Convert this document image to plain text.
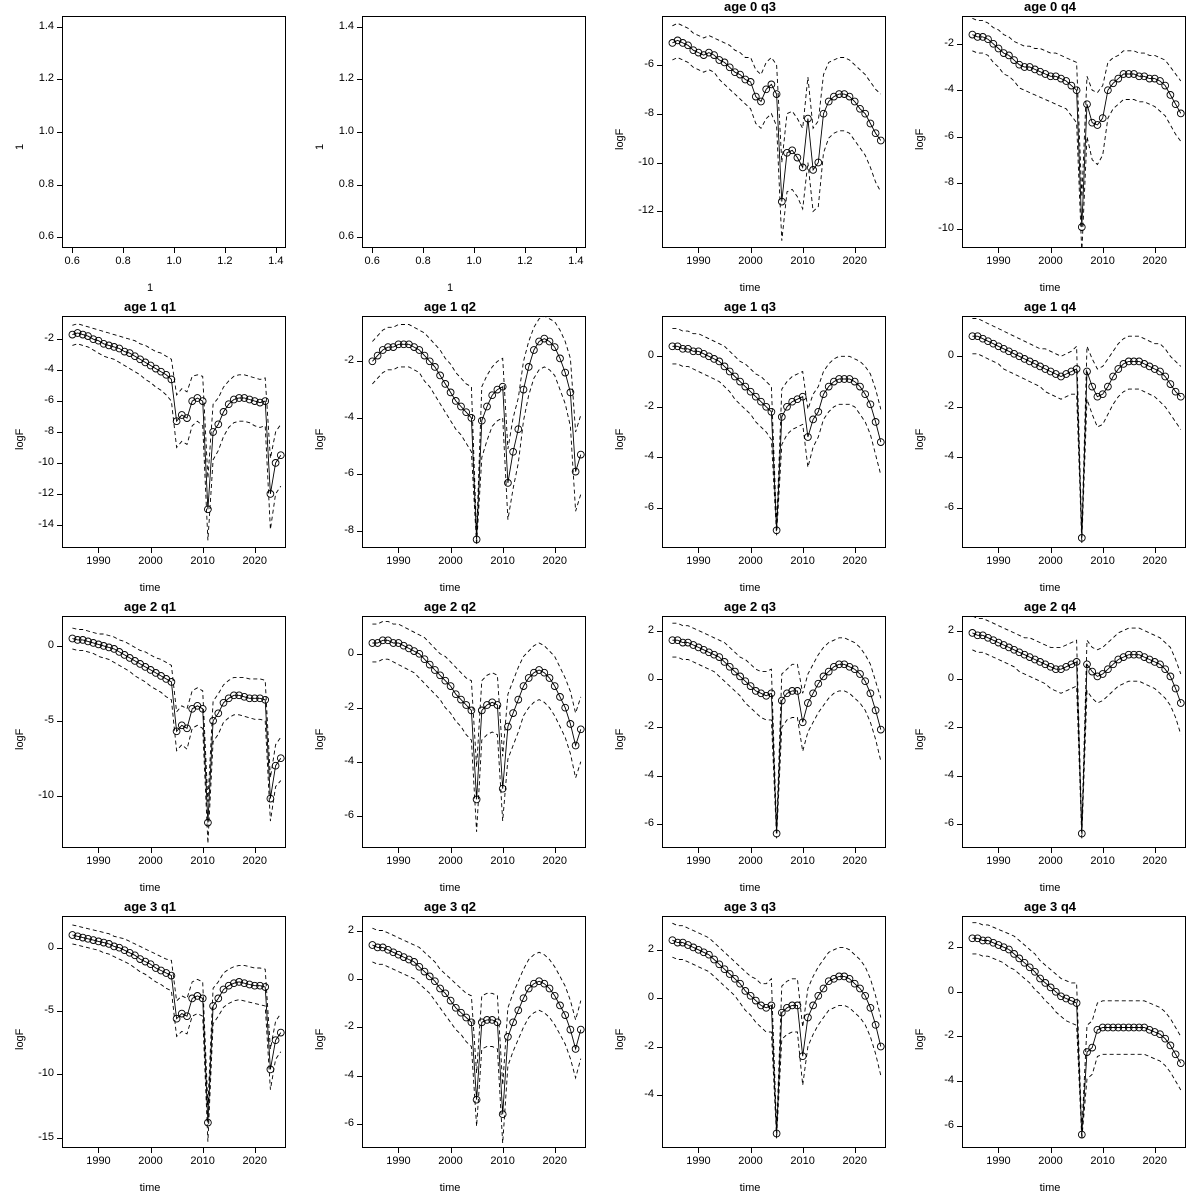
1
1
0.6	0.8	1.0	1.2	1.4
0.6
0.8
1.0
1.2
1.4
1
1
0.6	0.8	1.0	1.2	1.4
0.6
0.8
1.0
1.2
1.4
age 0 q3
logF
time
1990	2000	2010	2020
-12
-10
-8
-6
age 0 q4
logF
time
1990	2000	2010	2020
-10
-8
-6
-4
-2
age 1 q1
logF
time
1990	2000	2010	2020
-14
-12
-10
-8
-6
-4
-2
age 1 q2
logF
time
1990	2000	2010	2020
-8
-6
-4
-2
age 1 q3
logF
time
1990	2000	2010	2020
-6
-4
-2
0
age 1 q4
logF
time
1990	2000	2010	2020
-6
-4
-2
0
age 2 q1
logF
time
1990	2000	2010	2020
-10
-5
0
age 2 q2
logF
time
1990	2000	2010	2020
-6
-4
-2
0
age 2 q3
logF
time
1990	2000	2010	2020
-6
-4
-2
0
2
age 2 q4
logF
time
1990	2000	2010	2020
-6
-4
-2
0
2
age 3 q1
logF
time
1990	2000	2010	2020
-15
-10
-5
0
age 3 q2
logF
time
1990	2000	2010	2020
-6
-4
-2
0
2
age 3 q3
logF
time
1990	2000	2010	2020
-4
-2
0
2
age 3 q4
logF
time
1990	2000	2010	2020
-6
-4
-2
0
2
